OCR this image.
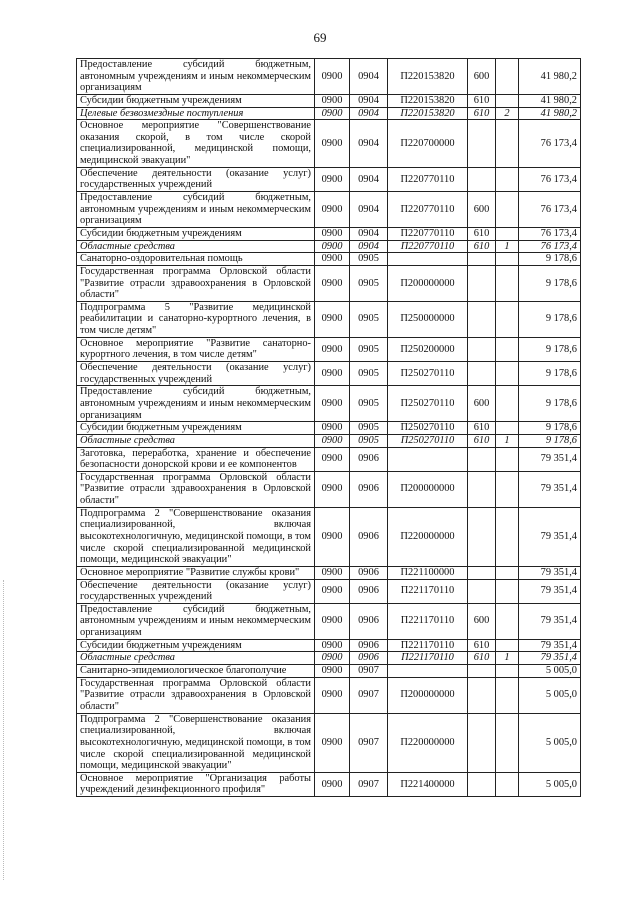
69
Предоставление субсидий бюджетным, автономным учреждениям и иным некоммерческим организациям	0900	0904	П220153820	600		41 980,2
Субсидии бюджетным учреждениям	0900	0904	П220153820	610		41 980,2
Целевые безвозмездные поступления	0900	0904	П220153820	610	2	41 980,2
Основное мероприятие "Совершенствование оказания скорой, в том числе скорой специализированной, медицинской помощи, медицинской эвакуации"	0900	0904	П220700000			76 173,4
Обеспечение деятельности (оказание услуг) государственных учреждений	0900	0904	П220770110			76 173,4
Предоставление субсидий бюджетным, автономным учреждениям и иным некоммерческим организациям	0900	0904	П220770110	600		76 173,4
Субсидии бюджетным учреждениям	0900	0904	П220770110	610		76 173,4
Областные средства	0900	0904	П220770110	610	1	76 173,4
Санаторно-оздоровительная помощь	0900	0905				9 178,6
Государственная программа Орловской области "Развитие отрасли здравоохранения в Орловской области"	0900	0905	П200000000			9 178,6
Подпрограмма 5 "Развитие медицинской реабилитации и санаторно-курортного лечения, в том числе детям"	0900	0905	П250000000			9 178,6
Основное мероприятие "Развитие санаторно-курортного лечения, в том числе детям"	0900	0905	П250200000			9 178,6
Обеспечение деятельности (оказание услуг) государственных учреждений	0900	0905	П250270110			9 178,6
Предоставление субсидий бюджетным, автономным учреждениям и иным некоммерческим организациям	0900	0905	П250270110	600		9 178,6
Субсидии бюджетным учреждениям	0900	0905	П250270110	610		9 178,6
Областные средства	0900	0905	П250270110	610	1	9 178,6
Заготовка, переработка, хранение и обеспечение безопасности донорской крови и ее компонентов	0900	0906				79 351,4
Государственная программа Орловской области "Развитие отрасли здравоохранения в Орловской области"	0900	0906	П200000000			79 351,4
Подпрограмма 2 "Совершенствование оказания специализированной, включая высокотехнологичную, медицинской помощи, в том числе скорой специализированной медицинской помощи, медицинской эвакуации"	0900	0906	П220000000			79 351,4
Основное мероприятие "Развитие службы крови"	0900	0906	П221100000			79 351,4
Обеспечение деятельности (оказание услуг) государственных учреждений	0900	0906	П221170110			79 351,4
Предоставление субсидий бюджетным, автономным учреждениям и иным некоммерческим организациям	0900	0906	П221170110	600		79 351,4
Субсидии бюджетным учреждениям	0900	0906	П221170110	610		79 351,4
Областные средства	0900	0906	П221170110	610	1	79 351,4
Санитарно-эпидемиологическое благополучие	0900	0907				5 005,0
Государственная программа Орловской области "Развитие отрасли здравоохранения в Орловской области"	0900	0907	П200000000			5 005,0
Подпрограмма 2 "Совершенствование оказания специализированной, включая высокотехнологичную, медицинской помощи, в том числе скорой специализированной медицинской помощи, медицинской эвакуации"	0900	0907	П220000000			5 005,0
Основное мероприятие "Организация работы учреждений дезинфекционного профиля"	0900	0907	П221400000			5 005,0
